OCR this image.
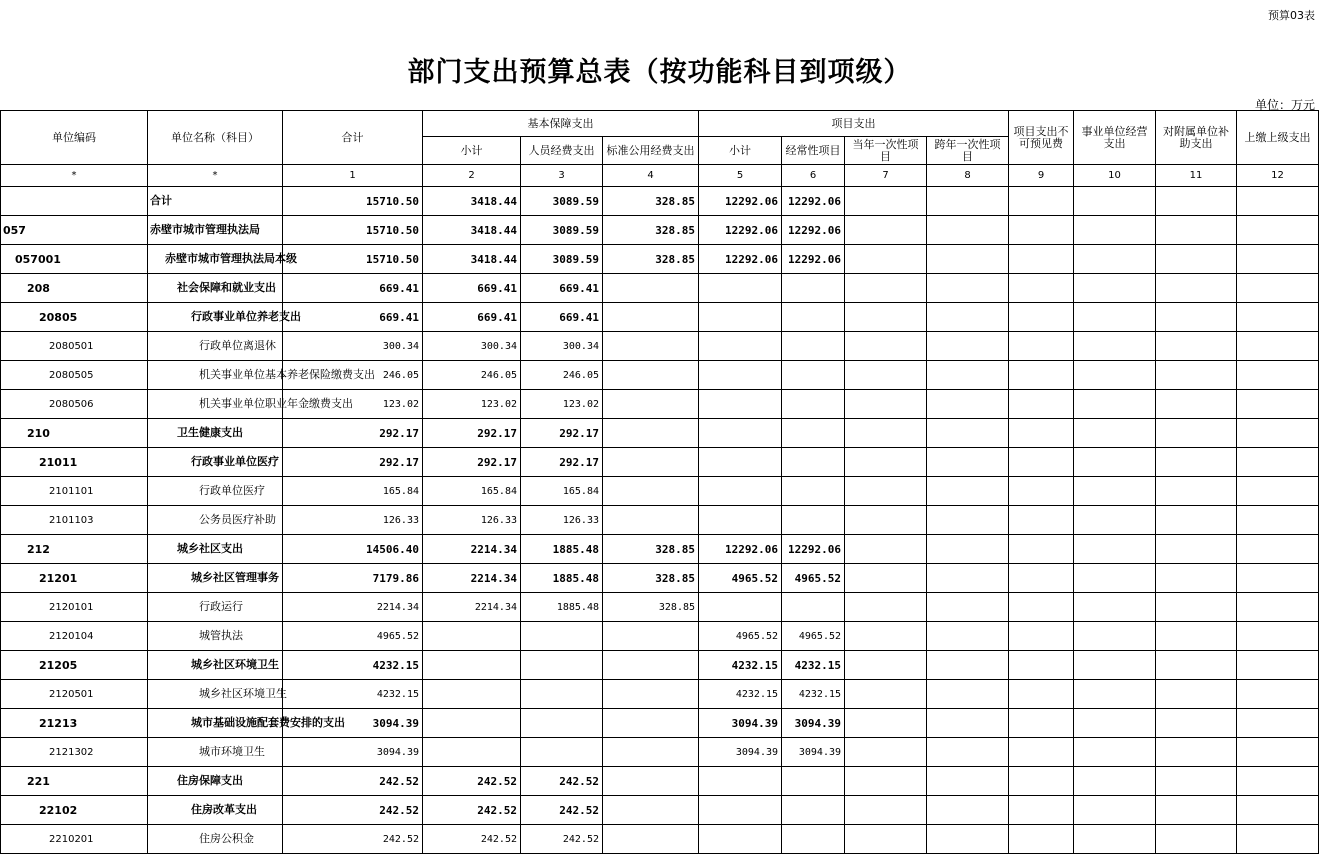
预算03表
部门支出预算总表（按功能科目到项级）
单位：万元
单位编码	单位名称（科目）	合计	基本保障支出			项目支出				项目支出不可预见费	事业单位经营支出	对附属单位补助支出	上缴上级支出
			小计	人员经费支出	标准公用经费支出	小计	经常性项目	当年一次性项目	跨年一次性项目				
*	*	1	2	3	4	5	6	7	8	9	10	11	12
	合计	15710.50	3418.44	3089.59	328.85	12292.06	12292.06						
057	赤壁市城市管理执法局	15710.50	3418.44	3089.59	328.85	12292.06	12292.06						
057001	赤壁市城市管理执法局本级	15710.50	3418.44	3089.59	328.85	12292.06	12292.06						
208	社会保障和就业支出	669.41	669.41	669.41									
20805	行政事业单位养老支出	669.41	669.41	669.41									
2080501	行政单位离退休	300.34	300.34	300.34									
2080505	机关事业单位基本养老保险缴费支出	246.05	246.05	246.05									
2080506	机关事业单位职业年金缴费支出	123.02	123.02	123.02									
210	卫生健康支出	292.17	292.17	292.17									
21011	行政事业单位医疗	292.17	292.17	292.17									
2101101	行政单位医疗	165.84	165.84	165.84									
2101103	公务员医疗补助	126.33	126.33	126.33									
212	城乡社区支出	14506.40	2214.34	1885.48	328.85	12292.06	12292.06						
21201	城乡社区管理事务	7179.86	2214.34	1885.48	328.85	4965.52	4965.52						
2120101	行政运行	2214.34	2214.34	1885.48	328.85								
2120104	城管执法	4965.52				4965.52	4965.52						
21205	城乡社区环境卫生	4232.15				4232.15	4232.15						
2120501	城乡社区环境卫生	4232.15				4232.15	4232.15						
21213	城市基础设施配套费安排的支出	3094.39				3094.39	3094.39						
2121302	城市环境卫生	3094.39				3094.39	3094.39						
221	住房保障支出	242.52	242.52	242.52									
22102	住房改革支出	242.52	242.52	242.52									
2210201	住房公积金	242.52	242.52	242.52									
